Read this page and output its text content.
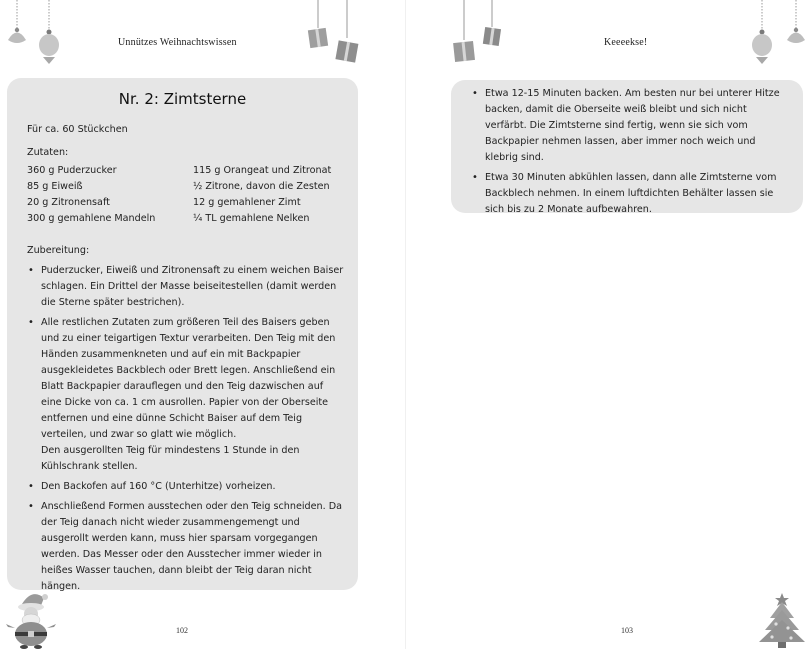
Unnützes Weihnachtswissen
Nr. 2: Zimtsterne
Für ca. 60 Stückchen
Zutaten:
360 g Puderzucker
85 g Eiweiß
20 g Zitronensaft
300 g gemahlene Mandeln
115 g Orangeat und Zitronat
½ Zitrone, davon die Zesten
12 g gemahlener Zimt
¼ TL gemahlene Nelken
Zubereitung:
• Puderzucker, Eiweiß und Zitronensaft zu einem weichen Baiser schlagen. Ein Drittel der Masse beiseitestellen (damit werden die Sterne später bestrichen).
• Alle restlichen Zutaten zum größeren Teil des Baisers geben und zu einer teigartigen Textur verarbeiten. Den Teig mit den Händen zusammenkneten und auf ein mit Backpapier ausgekleidetes Backblech oder Brett legen. Anschließend ein Blatt Backpapier darauflegen und den Teig dazwischen auf eine Dicke von ca. 1 cm ausrollen. Papier von der Oberseite entfernen und eine dünne Schicht Baiser auf dem Teig verteilen, und zwar so glatt wie möglich.
Den ausgerollten Teig für mindestens 1 Stunde in den Kühlschrank stellen.
• Den Backofen auf 160 °C (Unterhitze) vorheizen.
• Anschließend Formen ausstechen oder den Teig schneiden. Da der Teig danach nicht wieder zusammengemengt und ausgerollt werden kann, muss hier sparsam vorgegangen werden. Das Messer oder den Ausstecher immer wieder in heißes Wasser tauchen, dann bleibt der Teig daran nicht hängen.
102
Keeeekse!
• Etwa 12-15 Minuten backen. Am besten nur bei unterer Hitze backen, damit die Oberseite weiß bleibt und sich nicht verfärbt. Die Zimtsterne sind fertig, wenn sie sich vom Backpapier nehmen lassen, aber immer noch weich und klebrig sind.
• Etwa 30 Minuten abkühlen lassen, dann alle Zimtsterne vom Backblech nehmen. In einem luftdichten Behälter lassen sie sich bis zu 2 Monate aufbewahren.
103
